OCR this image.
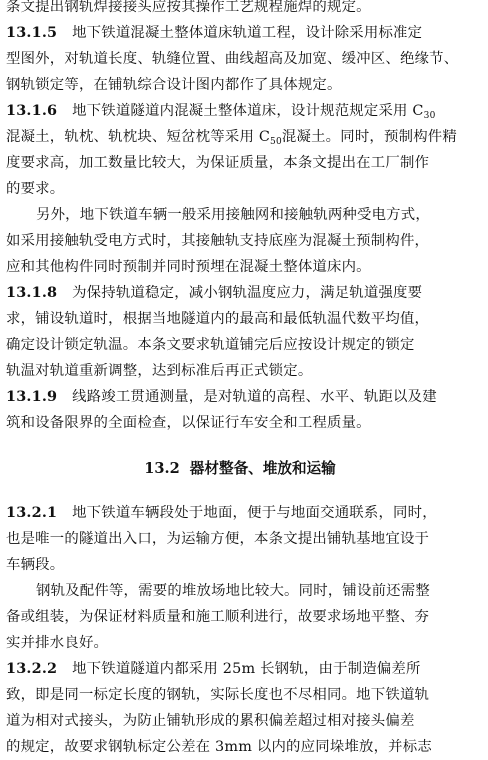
条文提出钢轨焊接接头应按其操作工艺规程施焊的规定。
13.1.5 地下铁道混凝土整体道床轨道工程，设计除采用标准定
型图外，对轨道长度、轨缝位置、曲线超高及加宽、缓冲区、绝缘节、
钢轨锁定等，在铺轨综合设计图内都作了具体规定。
13.1.6 地下铁道隧道内混凝土整体道床，设计规范规定采用 $C_{30}$
混凝土，轨枕、轨枕块、短岔枕等采用 $C_{50}$混凝土。同时，预制构件精
度要求高，加工数量比较大，为保证质量，本条文提出在工厂制作
的要求。
另外，地下铁道车辆一般采用接触网和接触轨两种受电方式，
如采用接触轨受电方式时，其接触轨支持底座为混凝土预制构件，
应和其他构件同时预制并同时预埋在混凝土整体道床内。
13.1.8 为保持轨道稳定，减小钢轨温度应力，满足轨道强度要
求，铺设轨道时，根据当地隧道内的最高和最低轨温代数平均值，
确定设计锁定轨温。本条文要求轨道铺完后应按设计规定的锁定
轨温对轨道重新调整，达到标准后再正式锁定。
13.1.9 线路竣工贯通测量，是对轨道的高程、水平、轨距以及建
筑和设备限界的全面检查，以保证行车安全和工程质量。
13.2 器材整备、堆放和运输
13.2.1 地下铁道车辆段处于地面，便于与地面交通联系，同时，
也是唯一的隧道出入口，为运输方便，本条文提出铺轨基地宜设于
车辆段。
钢轨及配件等，需要的堆放场地比较大。同时，铺设前还需整
备或组装，为保证材料质量和施工顺利进行，故要求场地平整、夯
实并排水良好。
13.2.2 地下铁道隧道内都采用 25m 长钢轨，由于制造偏差所
致，即是同一标定长度的钢轨，实际长度也不尽相同。地下铁道轨
道为相对式接头，为防止铺轨形成的累积偏差超过相对接头偏差
的规定，故要求钢轨标定公差在 3mm 以内的应同垛堆放，并标志
